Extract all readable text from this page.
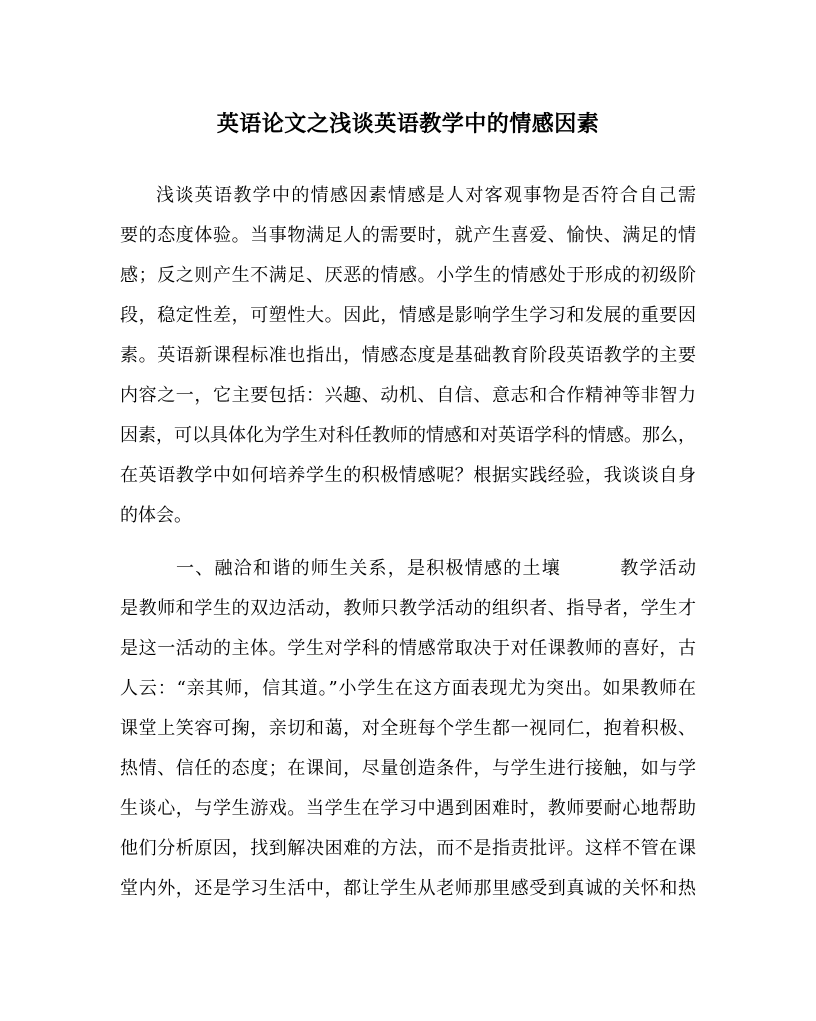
英语论文之浅谈英语教学中的情感因素
浅谈英语教学中的情感因素情感是人对客观事物是否符合自己需
要的态度体验。当事物满足人的需要时，就产生喜爱、愉快、满足的情
感；反之则产生不满足、厌恶的情感。小学生的情感处于形成的初级阶
段，稳定性差，可塑性大。因此，情感是影响学生学习和发展的重要因
素。英语新课程标准也指出，情感态度是基础教育阶段英语教学的主要
内容之一，它主要包括：兴趣、动机、自信、意志和合作精神等非智力
因素，可以具体化为学生对科任教师的情感和对英语学科的情感。那么，
在英语教学中如何培养学生的积极情感呢？根据实践经验，我谈谈自身
的体会。
一、融洽和谐的师生关系，是积极情感的土壤	教学活动
是教师和学生的双边活动，教师只教学活动的组织者、指导者，学生才
是这一活动的主体。学生对学科的情感常取决于对任课教师的喜好，古
人云：“亲其师，信其道。”小学生在这方面表现尤为突出。如果教师在
课堂上笑容可掬，亲切和蔼，对全班每个学生都一视同仁，抱着积极、
热情、信任的态度；在课间，尽量创造条件，与学生进行接触，如与学
生谈心，与学生游戏。当学生在学习中遇到困难时，教师要耐心地帮助
他们分析原因，找到解决困难的方法，而不是指责批评。这样不管在课
堂内外，还是学习生活中，都让学生从老师那里感受到真诚的关怀和热
